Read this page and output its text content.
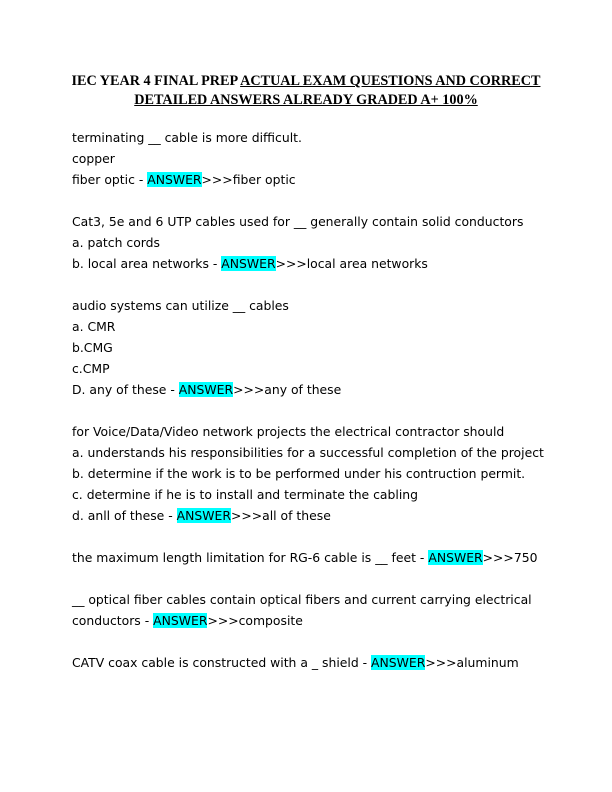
IEC YEAR 4 FINAL PREP ACTUAL EXAM QUESTIONS AND CORRECT
DETAILED ANSWERS ALREADY GRADED A+ 100%
terminating __ cable is more difficult.
copper
fiber optic - ANSWER>>>fiber optic
Cat3, 5e and 6 UTP cables used for __ generally contain solid conductors
a. patch cords
b. local area networks - ANSWER>>>local area networks
audio systems can utilize __ cables
a. CMR
b.CMG
c.CMP
D. any of these - ANSWER>>>any of these
for Voice/Data/Video network projects the electrical contractor should
a. understands his responsibilities for a successful completion of the project
b. determine if the work is to be performed under his contruction permit.
c. determine if he is to install and terminate the cabling
d. anll of these - ANSWER>>>all of these
the maximum length limitation for RG-6 cable is __ feet - ANSWER>>>750
__ optical fiber cables contain optical fibers and current carrying electrical
conductors - ANSWER>>>composite
CATV coax cable is constructed with a _ shield - ANSWER>>>aluminum
